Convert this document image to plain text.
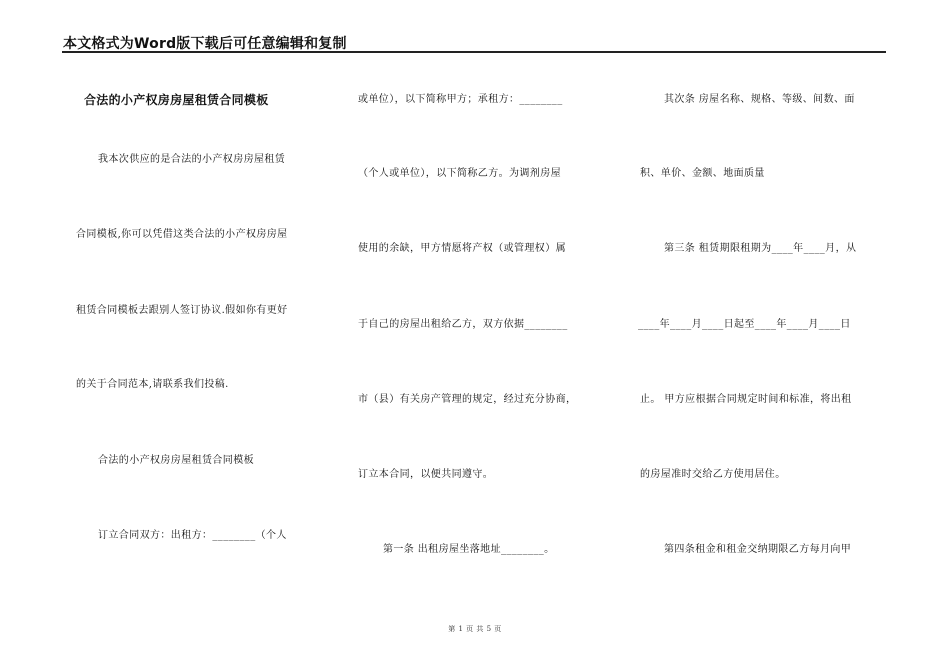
本文格式为Word版下载后可任意编辑和复制
合法的小产权房房屋租赁合同模板
我本次供应的是合法的小产权房房屋租赁
合同模板,你可以凭借这类合法的小产权房房屋
租赁合同模板去跟别人签订协议.假如你有更好
的关于合同范本,请联系我们投稿.
合法的小产权房房屋租赁合同模板
订立合同双方：出租方：________（个人
或单位），以下简称甲方；承租方：________
（个人或单位），以下简称乙方。为调剂房屋
使用的余缺，甲方情愿将产权（或管理权）属
于自己的房屋出租给乙方，双方依据________
市（县）有关房产管理的规定，经过充分协商，
订立本合同，以便共同遵守。
第一条 出租房屋坐落地址________。
其次条 房屋名称、规格、等级、间数、面
积、单价、金额、地面质量
第三条 租赁期限租期为____年____月，从
____年____月____日起至____年____月____日
止。 甲方应根据合同规定时间和标准，将出租
的房屋准时交给乙方使用居住。
第四条租金和租金交纳期限乙方每月向甲
第 1 页 共 5 页
